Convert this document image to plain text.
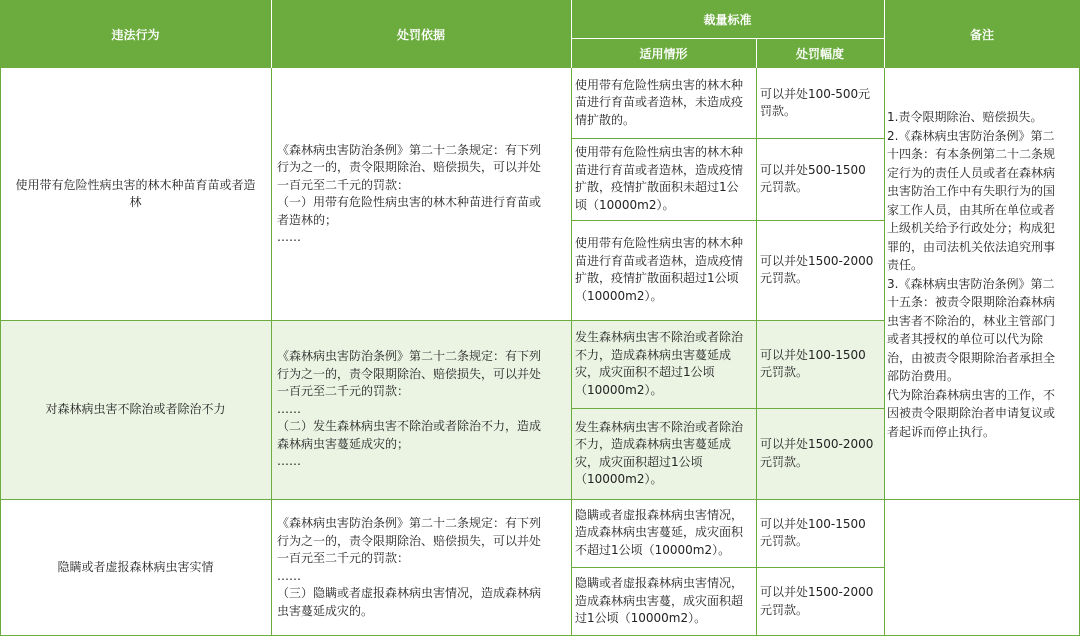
违法行为	处罚依据
裁量标准
适用情形	处罚幅度
备注
使用带有危险性病虫害的林木种苗育苗或者造
林
《森林病虫害防治条例》第二十二条规定：有下列
行为之一的，责令限期除治、赔偿损失，可以并处
一百元至二千元的罚款：
（一）用带有危险性病虫害的林木种苗进行育苗或
者造林的；
……
使用带有危险性病虫害的林木种
苗进行育苗或者造林，未造成疫
情扩散的。
可以并处100-500元
罚款。
使用带有危险性病虫害的林木种
苗进行育苗或者造林，造成疫情
扩散，疫情扩散面积未超过1公
顷（10000m2）。
可以并处500-1500
元罚款。
使用带有危险性病虫害的林木种
苗进行育苗或者造林，造成疫情
扩散，疫情扩散面积超过1公顷
（10000m2）。
可以并处1500-2000
元罚款。
对森林病虫害不除治或者除治不力
《森林病虫害防治条例》第二十二条规定：有下列
行为之一的，责令限期除治、赔偿损失，可以并处
一百元至二千元的罚款：
……
（二）发生森林病虫害不除治或者除治不力，造成
森林病虫害蔓延成灾的；
……
发生森林病虫害不除治或者除治
不力，造成森林病虫害蔓延成
灾，成灾面积不超过1公顷
（10000m2）。
可以并处100-1500
元罚款。
发生森林病虫害不除治或者除治
不力，造成森林病虫害蔓延成
灾，成灾面积超过1公顷
（10000m2）。
可以并处1500-2000
元罚款。
隐瞒或者虚报森林病虫害实情
《森林病虫害防治条例》第二十二条规定：有下列
行为之一的，责令限期除治、赔偿损失，可以并处
一百元至二千元的罚款：
……
（三）隐瞒或者虚报森林病虫害情况，造成森林病
虫害蔓延成灾的。
隐瞒或者虚报森林病虫害情况，
造成森林病虫害蔓延，成灾面积
不超过1公顷（10000m2）。
可以并处100-1500
元罚款。
隐瞒或者虚报森林病虫害情况，
造成森林病虫害蔓，成灾面积超
过1公顷（10000m2）。
可以并处1500-2000
元罚款。
1.责令限期除治、赔偿损失。
2.《森林病虫害防治条例》第二
十四条：有本条例第二十二条规
定行为的责任人员或者在森林病
虫害防治工作中有失职行为的国
家工作人员，由其所在单位或者
上级机关给予行政处分；构成犯
罪的，由司法机关依法追究刑事
责任。
3.《森林病虫害防治条例》第二
十五条：被责令限期除治森林病
虫害者不除治的，林业主管部门
或者其授权的单位可以代为除
治，由被责令限期除治者承担全
部防治费用。
代为除治森林病虫害的工作，不
因被责令限期除治者申请复议或
者起诉而停止执行。
